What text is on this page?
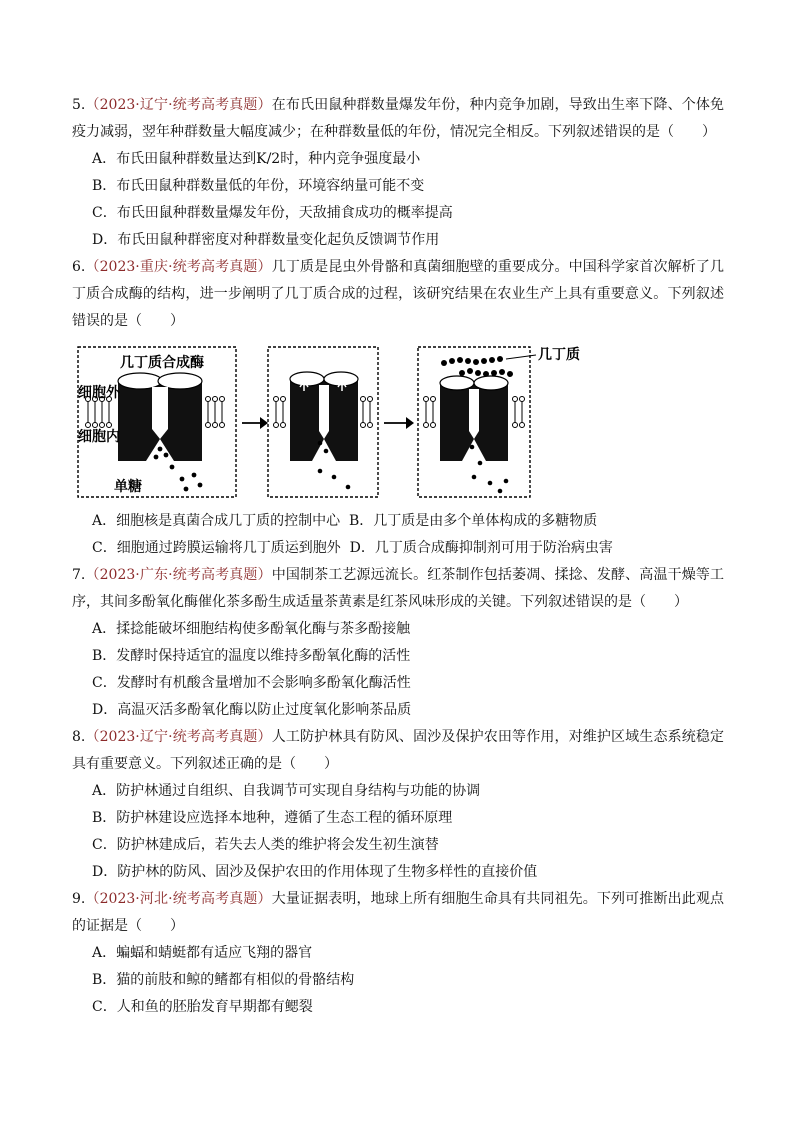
5.（2023·辽宁·统考高考真题）在布氏田鼠种群数量爆发年份，种内竞争加剧，导致出生率下降、个体免疫力减弱，翌年种群数量大幅度减少；在种群数量低的年份，情况完全相反。下列叙述错误的是（　　）

A．布氏田鼠种群数量达到K/2时，种内竞争强度最小

B．布氏田鼠种群数量低的年份，环境容纳量可能不变

C．布氏田鼠种群数量爆发年份，天敌捕食成功的概率提高

D．布氏田鼠种群密度对种群数量变化起负反馈调节作用

6.（2023·重庆·统考高考真题）几丁质是昆虫外骨骼和真菌细胞壁的重要成分。中国科学家首次解析了几丁质合成酶的结构，进一步阐明了几丁质合成的过程，该研究结果在农业生产上具有重要意义。下列叙述错误的是（　　）

几丁质合成酶
细胞外
细胞内
单糖
几丁质

A．细胞核是真菌合成几丁质的控制中心 B．几丁质是由多个单体构成的多糖物质

C．细胞通过跨膜运输将几丁质运到胞外 D．几丁质合成酶抑制剂可用于防治病虫害

7.（2023·广东·统考高考真题）中国制茶工艺源远流长。红茶制作包括萎凋、揉捻、发酵、高温干燥等工序，其间多酚氧化酶催化茶多酚生成适量茶黄素是红茶风味形成的关键。下列叙述错误的是（　　）

A．揉捻能破坏细胞结构使多酚氧化酶与茶多酚接触

B．发酵时保持适宜的温度以维持多酚氧化酶的活性

C．发酵时有机酸含量增加不会影响多酚氧化酶活性

D．高温灭活多酚氧化酶以防止过度氧化影响茶品质

8.（2023·辽宁·统考高考真题）人工防护林具有防风、固沙及保护农田等作用，对维护区域生态系统稳定具有重要意义。下列叙述正确的是（　　）

A．防护林通过自组织、自我调节可实现自身结构与功能的协调

B．防护林建设应选择本地种，遵循了生态工程的循环原理

C．防护林建成后，若失去人类的维护将会发生初生演替

D．防护林的防风、固沙及保护农田的作用体现了生物多样性的直接价值

9.（2023·河北·统考高考真题）大量证据表明，地球上所有细胞生命具有共同祖先。下列可推断出此观点的证据是（　　）

A．蝙蝠和蜻蜓都有适应飞翔的器官

B．猫的前肢和鲸的鳍都有相似的骨骼结构

C．人和鱼的胚胎发育早期都有鳃裂
